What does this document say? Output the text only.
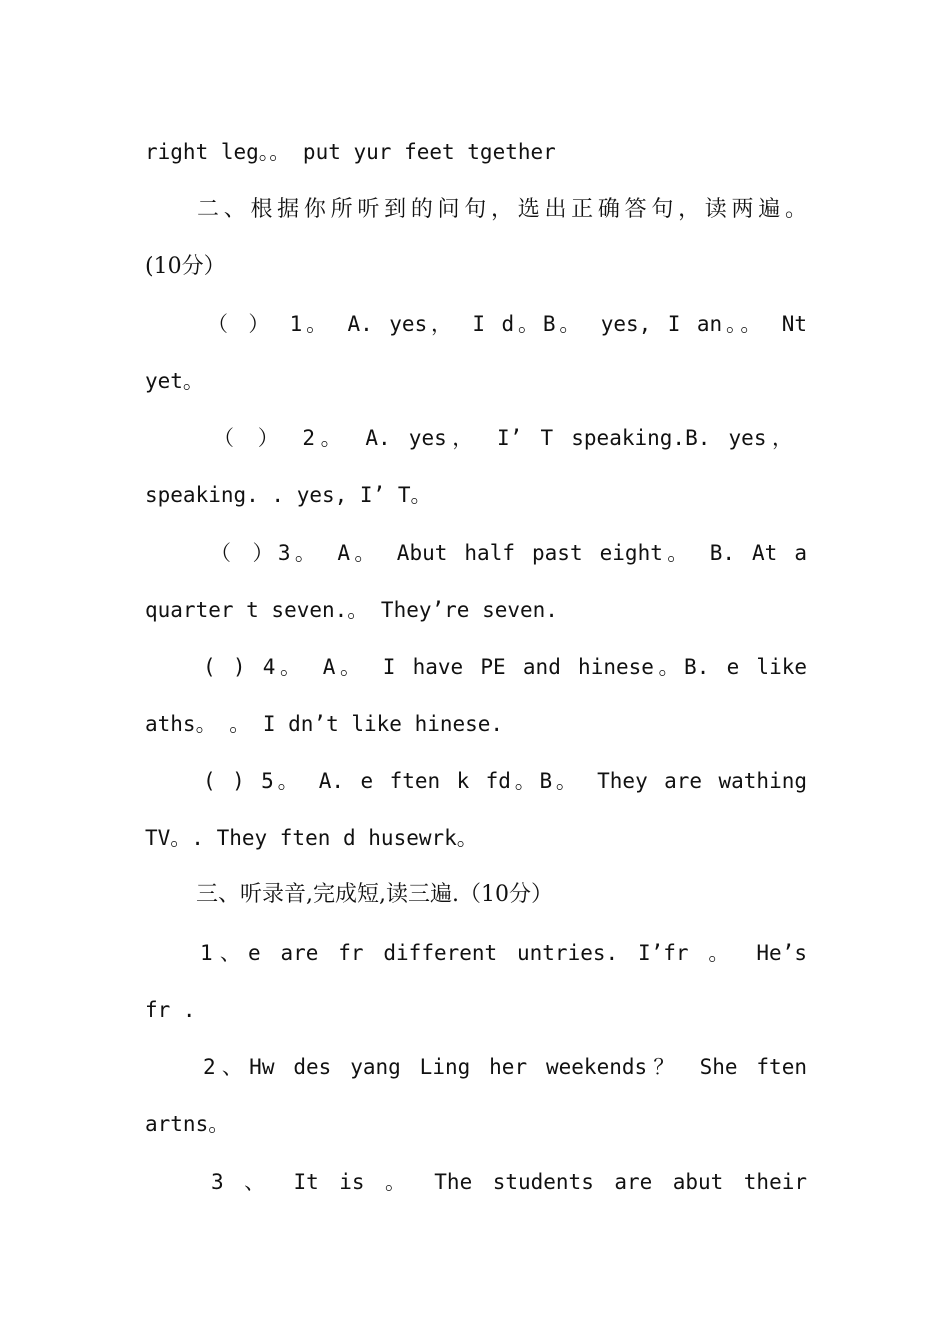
right leg。。 put yur feet tgether
二、根据你所听到的问句，选出正确答句，读两遍。
(10分）
（ ） 1。 A. yes， I d。B。 yes, I an。。 Nt
yet。
（ ） 2。 A. yes， I’ T speaking.B. yes，
speaking. . yes, I’ T。
（ ）3。 A。 Abut half past eight。 B. At a
quarter t seven.。 They’re seven.
( ) 4。 A。 I have PE and hinese。B. e like
aths。 。 I dn’t like hinese.
( ) 5。 A. e ften k fd。B。 They are wathing
TV。. They ften d husewrk。
三、听录音,完成短,读三遍.（10分）
1、e are fr different untries. I’fr 。 He’s
fr .
2、Hw des yang Ling her weekends？ She ften
artns。
3 、 It is 。 The students are abut their
